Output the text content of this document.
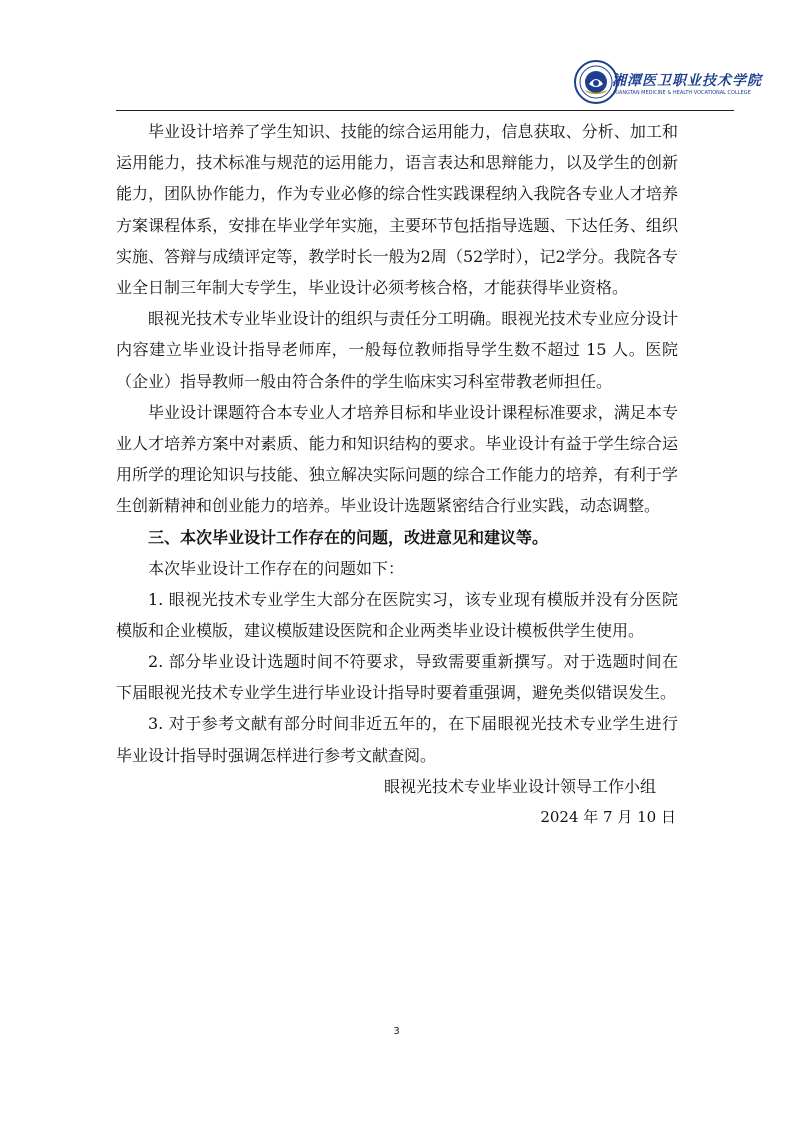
湘潭医卫职业技术学院
XIANGTAN MEDICINE & HEALTH VOCATIONAL COLLEGE

毕业设计培养了学生知识、技能的综合运用能力，信息获取、分析、加工和运用能力，技术标准与规范的运用能力，语言表达和思辩能力，以及学生的创新能力，团队协作能力，作为专业必修的综合性实践课程纳入我院各专业人才培养方案课程体系，安排在毕业学年实施，主要环节包括指导选题、下达任务、组织实施、答辩与成绩评定等，教学时长一般为2周（52学时），记2学分。我院各专业全日制三年制大专学生，毕业设计必须考核合格，才能获得毕业资格。

眼视光技术专业毕业设计的组织与责任分工明确。眼视光技术专业应分设计内容建立毕业设计指导老师库，一般每位教师指导学生数不超过 15 人。医院（企业）指导教师一般由符合条件的学生临床实习科室带教老师担任。

毕业设计课题符合本专业人才培养目标和毕业设计课程标准要求，满足本专业人才培养方案中对素质、能力和知识结构的要求。毕业设计有益于学生综合运用所学的理论知识与技能、独立解决实际问题的综合工作能力的培养，有利于学生创新精神和创业能力的培养。毕业设计选题紧密结合行业实践，动态调整。

三、本次毕业设计工作存在的问题，改进意见和建议等。

本次毕业设计工作存在的问题如下：

1. 眼视光技术专业学生大部分在医院实习，该专业现有模版并没有分医院模版和企业模版，建议模版建设医院和企业两类毕业设计模板供学生使用。

2. 部分毕业设计选题时间不符要求，导致需要重新撰写。对于选题时间在下届眼视光技术专业学生进行毕业设计指导时要着重强调，避免类似错误发生。

3. 对于参考文献有部分时间非近五年的，在下届眼视光技术专业学生进行毕业设计指导时强调怎样进行参考文献查阅。

眼视光技术专业毕业设计领导工作小组

2024 年 7 月 10 日

3
